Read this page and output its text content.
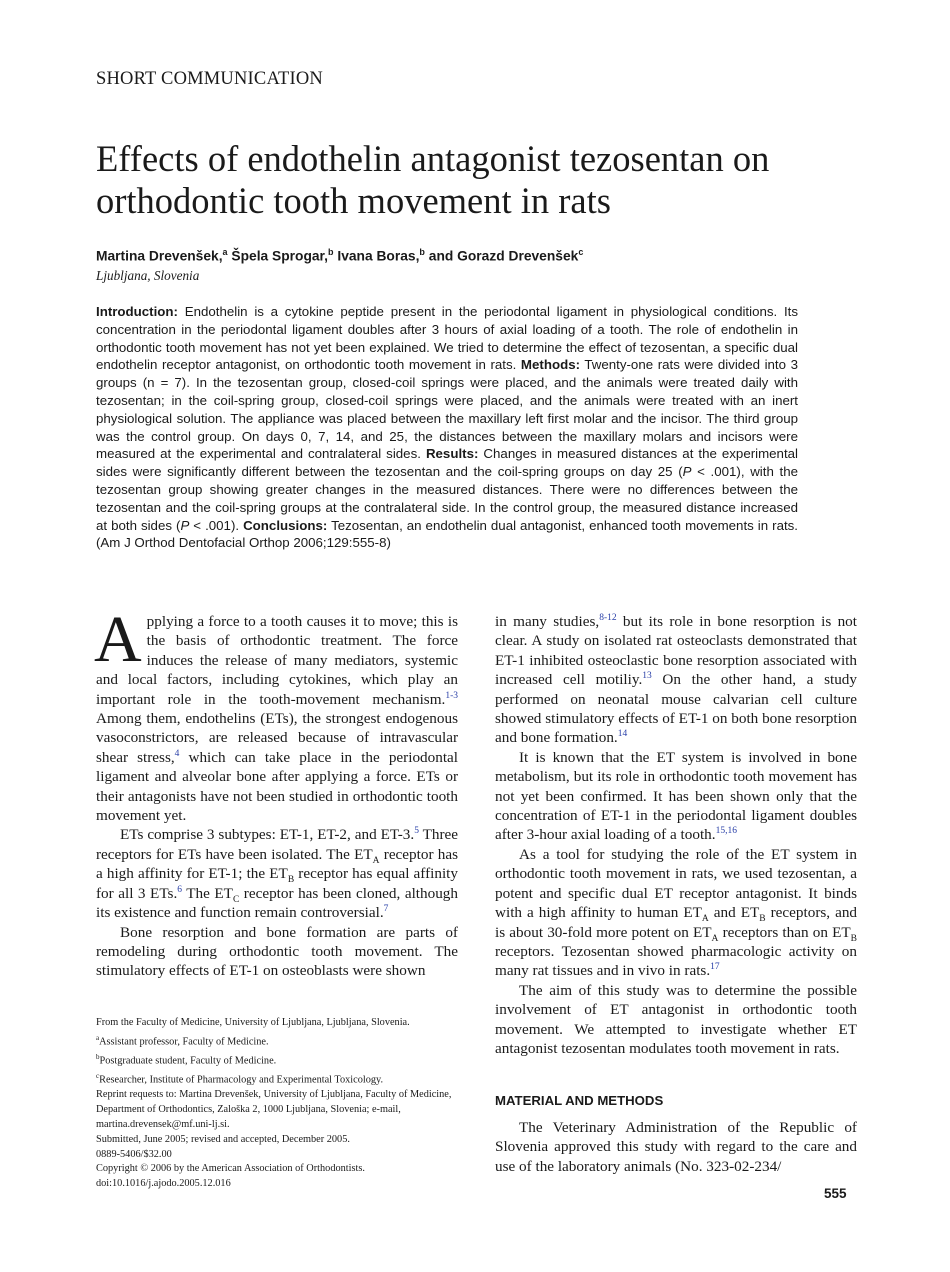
SHORT COMMUNICATION
Effects of endothelin antagonist tezosentan on orthodontic tooth movement in rats
Martina Drevenšek,$^a$ Špela Sprogar,$^b$ Ivana Boras,$^b$ and Gorazd Drevenšek$^c$
Ljubljana, Slovenia

Introduction: Endothelin is a cytokine peptide present in the periodontal ligament in physiological conditions. Its concentration in the periodontal ligament doubles after 3 hours of axial loading of a tooth. The role of endothelin in orthodontic tooth movement has not yet been explained. We tried to determine the effect of tezosentan, a specific dual endothelin receptor antagonist, on orthodontic tooth movement in rats. Methods: Twenty-one rats were divided into 3 groups (n = 7). In the tezosentan group, closed-coil springs were placed, and the animals were treated daily with tezosentan; in the coil-spring group, closed-coil springs were placed, and the animals were treated with an inert physiological solution. The appliance was placed between the maxillary left first molar and the incisor. The third group was the control group. On days 0, 7, 14, and 25, the distances between the maxillary molars and incisors were measured at the experimental and contralateral sides. Results: Changes in measured distances at the experimental sides were significantly different between the tezosentan and the coil-spring groups on day 25 (P < .001), with the tezosentan group showing greater changes in the measured distances. There were no differences between the tezosentan and the coil-spring groups at the contralateral side. In the control group, the measured distance increased at both sides (P < .001). Conclusions: Tezosentan, an endothelin dual antagonist, enhanced tooth movements in rats. (Am J Orthod Dentofacial Orthop 2006;129:555-8)

Applying a force to a tooth causes it to move; this is the basis of orthodontic treatment. The force induces the release of many mediators, systemic and local factors, including cytokines, which play an important role in the tooth-movement mechanism.$^{1-3}$ Among them, endothelins (ETs), the strongest endogenous vasoconstrictors, are released because of intravascular shear stress,$^4$ which can take place in the periodontal ligament and alveolar bone after applying a force. ETs or their antagonists have not been studied in orthodontic tooth movement yet.

ETs comprise 3 subtypes: ET-1, ET-2, and ET-3.$^5$ Three receptors for ETs have been isolated. The $ET_A$ receptor has a high affinity for ET-1; the $ET_B$ receptor has equal affinity for all 3 ETs.$^6$ The $ET_C$ receptor has been cloned, although its existence and function remain controversial.$^7$

Bone resorption and bone formation are parts of remodeling during orthodontic tooth movement. The stimulatory effects of ET-1 on osteoblasts were shown

From the Faculty of Medicine, University of Ljubljana, Ljubljana, Slovenia.
$^a$Assistant professor, Faculty of Medicine.
$^b$Postgraduate student, Faculty of Medicine.
$^c$Researcher, Institute of Pharmacology and Experimental Toxicology.
Reprint requests to: Martina Drevenšek, University of Ljubljana, Faculty of Medicine, Department of Orthodontics, Zaloška 2, 1000 Ljubljana, Slovenia; e-mail, martina.drevensek@mf.uni-lj.si.
Submitted, June 2005; revised and accepted, December 2005.
0889-5406/$32.00
Copyright © 2006 by the American Association of Orthodontists.
doi:10.1016/j.ajodo.2005.12.016

in many studies,$^{8-12}$ but its role in bone resorption is not clear. A study on isolated rat osteoclasts demonstrated that ET-1 inhibited osteoclastic bone resorption associated with increased cell motiliy.$^{13}$ On the other hand, a study performed on neonatal mouse calvarian cell culture showed stimulatory effects of ET-1 on both bone resorption and bone formation.$^{14}$

It is known that the ET system is involved in bone metabolism, but its role in orthodontic tooth movement has not yet been confirmed. It has been shown only that the concentration of ET-1 in the periodontal ligament doubles after 3-hour axial loading of a tooth.$^{15,16}$

As a tool for studying the role of the ET system in orthodontic tooth movement in rats, we used tezosentan, a potent and specific dual ET receptor antagonist. It binds with a high affinity to human $ET_A$ and $ET_B$ receptors, and is about 30-fold more potent on $ET_A$ receptors than on $ET_B$ receptors. Tezosentan showed pharmacologic activity on many rat tissues and in vivo in rats.$^{17}$

The aim of this study was to determine the possible involvement of ET antagonist in orthodontic tooth movement. We attempted to investigate whether ET antagonist tezosentan modulates tooth movement in rats.

MATERIAL AND METHODS

The Veterinary Administration of the Republic of Slovenia approved this study with regard to the care and use of the laboratory animals (No. 323-02-234/

555
